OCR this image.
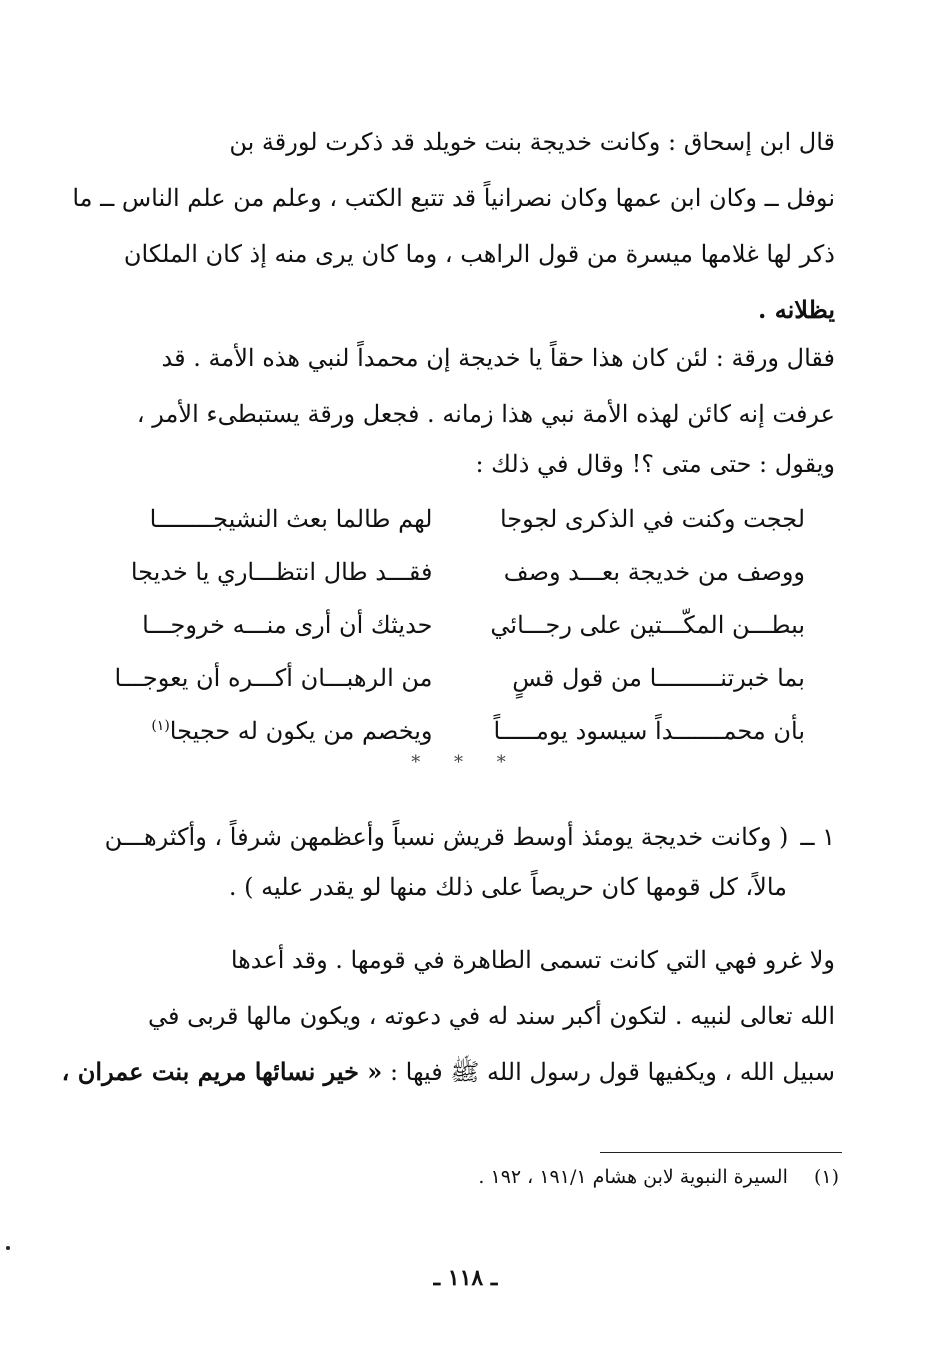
قال ابن إسحاق : وكانت خديجة بنت خويلد قد ذكرت لورقة بن
نوفل ــ وكان ابن عمها وكان نصرانياً قد تتبع الكتب ، وعلم من علم الناس ــ ما
ذكر لها غلامها ميسرة من قول الراهب ، وما كان يرى منه إذ كان الملكان
يظلانه .
فقال ورقة : لئن كان هذا حقاً يا خديجة إن محمداً لنبي هذه الأمة . قد
عرفت إنه كائن لهذه الأمة نبي هذا زمانه . فجعل ورقة يستبطىء الأمر ،
ويقول : حتى متى ؟! وقال في ذلك :
لججت وكنت في الذكرى لجوجا
لهم طالما بعث النشيجــــــــا
ووصف من خديجة بعـــد وصف
فقـــد طال انتظـــاري يا خديجا
ببطـــن المكّـــتين على رجـــائي
حديثك أن أرى منـــه خروجـــا
بما خبرتنـــــــــا من قول قسٍ
من الرهبـــان أكـــره أن يعوجـــا
بأن محمـــــــداً سيسود يومـــــاً
ويخصم من يكون له حجيجا$^{(١)}$
* * *
١ ــ( وكانت خديجة يومئذ أوسط قريش نسباً وأعظمهن شرفاً ، وأكثرهـــن
مالاً، كل قومها كان حريصاً على ذلك منها لو يقدر عليه ) .
ولا غرو فهي التي كانت تسمى الطاهرة في قومها . وقد أعدها
الله تعالى لنبيه . لتكون أكبر سند له في دعوته ، ويكون مالها قربى في
سبيل الله ، ويكفيها قول رسول الله ﷺ فيها : « خير نسائها مريم بنت عمران ،
(١)  السيرة النبوية لابن هشام ١٩١/١ ، ١٩٢ .
ـ ١١٨ ـ
